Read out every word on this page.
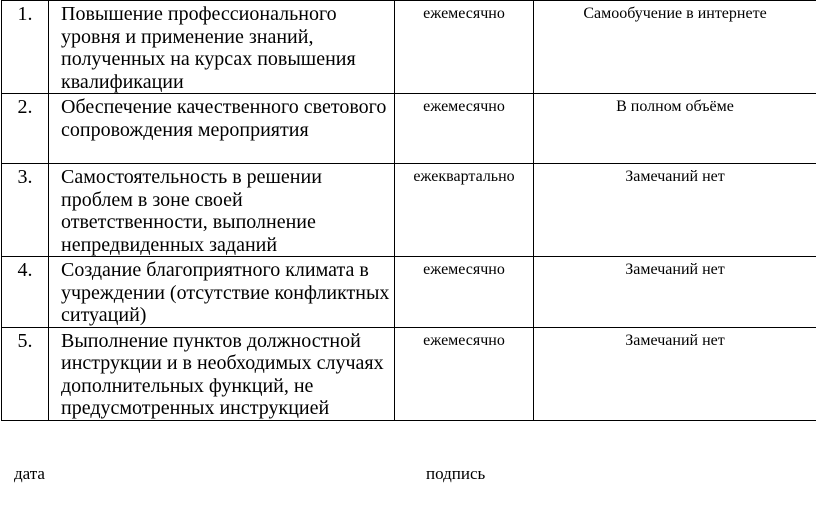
1.	Повышение профессионального уровня и применение знаний, полученных на курсах повышения квалификации	ежемесячно	Самообучение в интернете
2.	Обеспечение качественного светового сопровождения мероприятия	ежемесячно	В полном объёме
3.	Самостоятельность в решении проблем в зоне своей ответственности, выполнение непредвиденных заданий	ежеквартально	Замечаний нет
4.	Создание благоприятного климата в учреждении (отсутствие конфликтных ситуаций)	ежемесячно	Замечаний нет
5.	Выполнение пунктов должностной инструкции и в необходимых случаях дополнительных функций, не предусмотренных инструкцией	ежемесячно	Замечаний нет
дата	подпись
